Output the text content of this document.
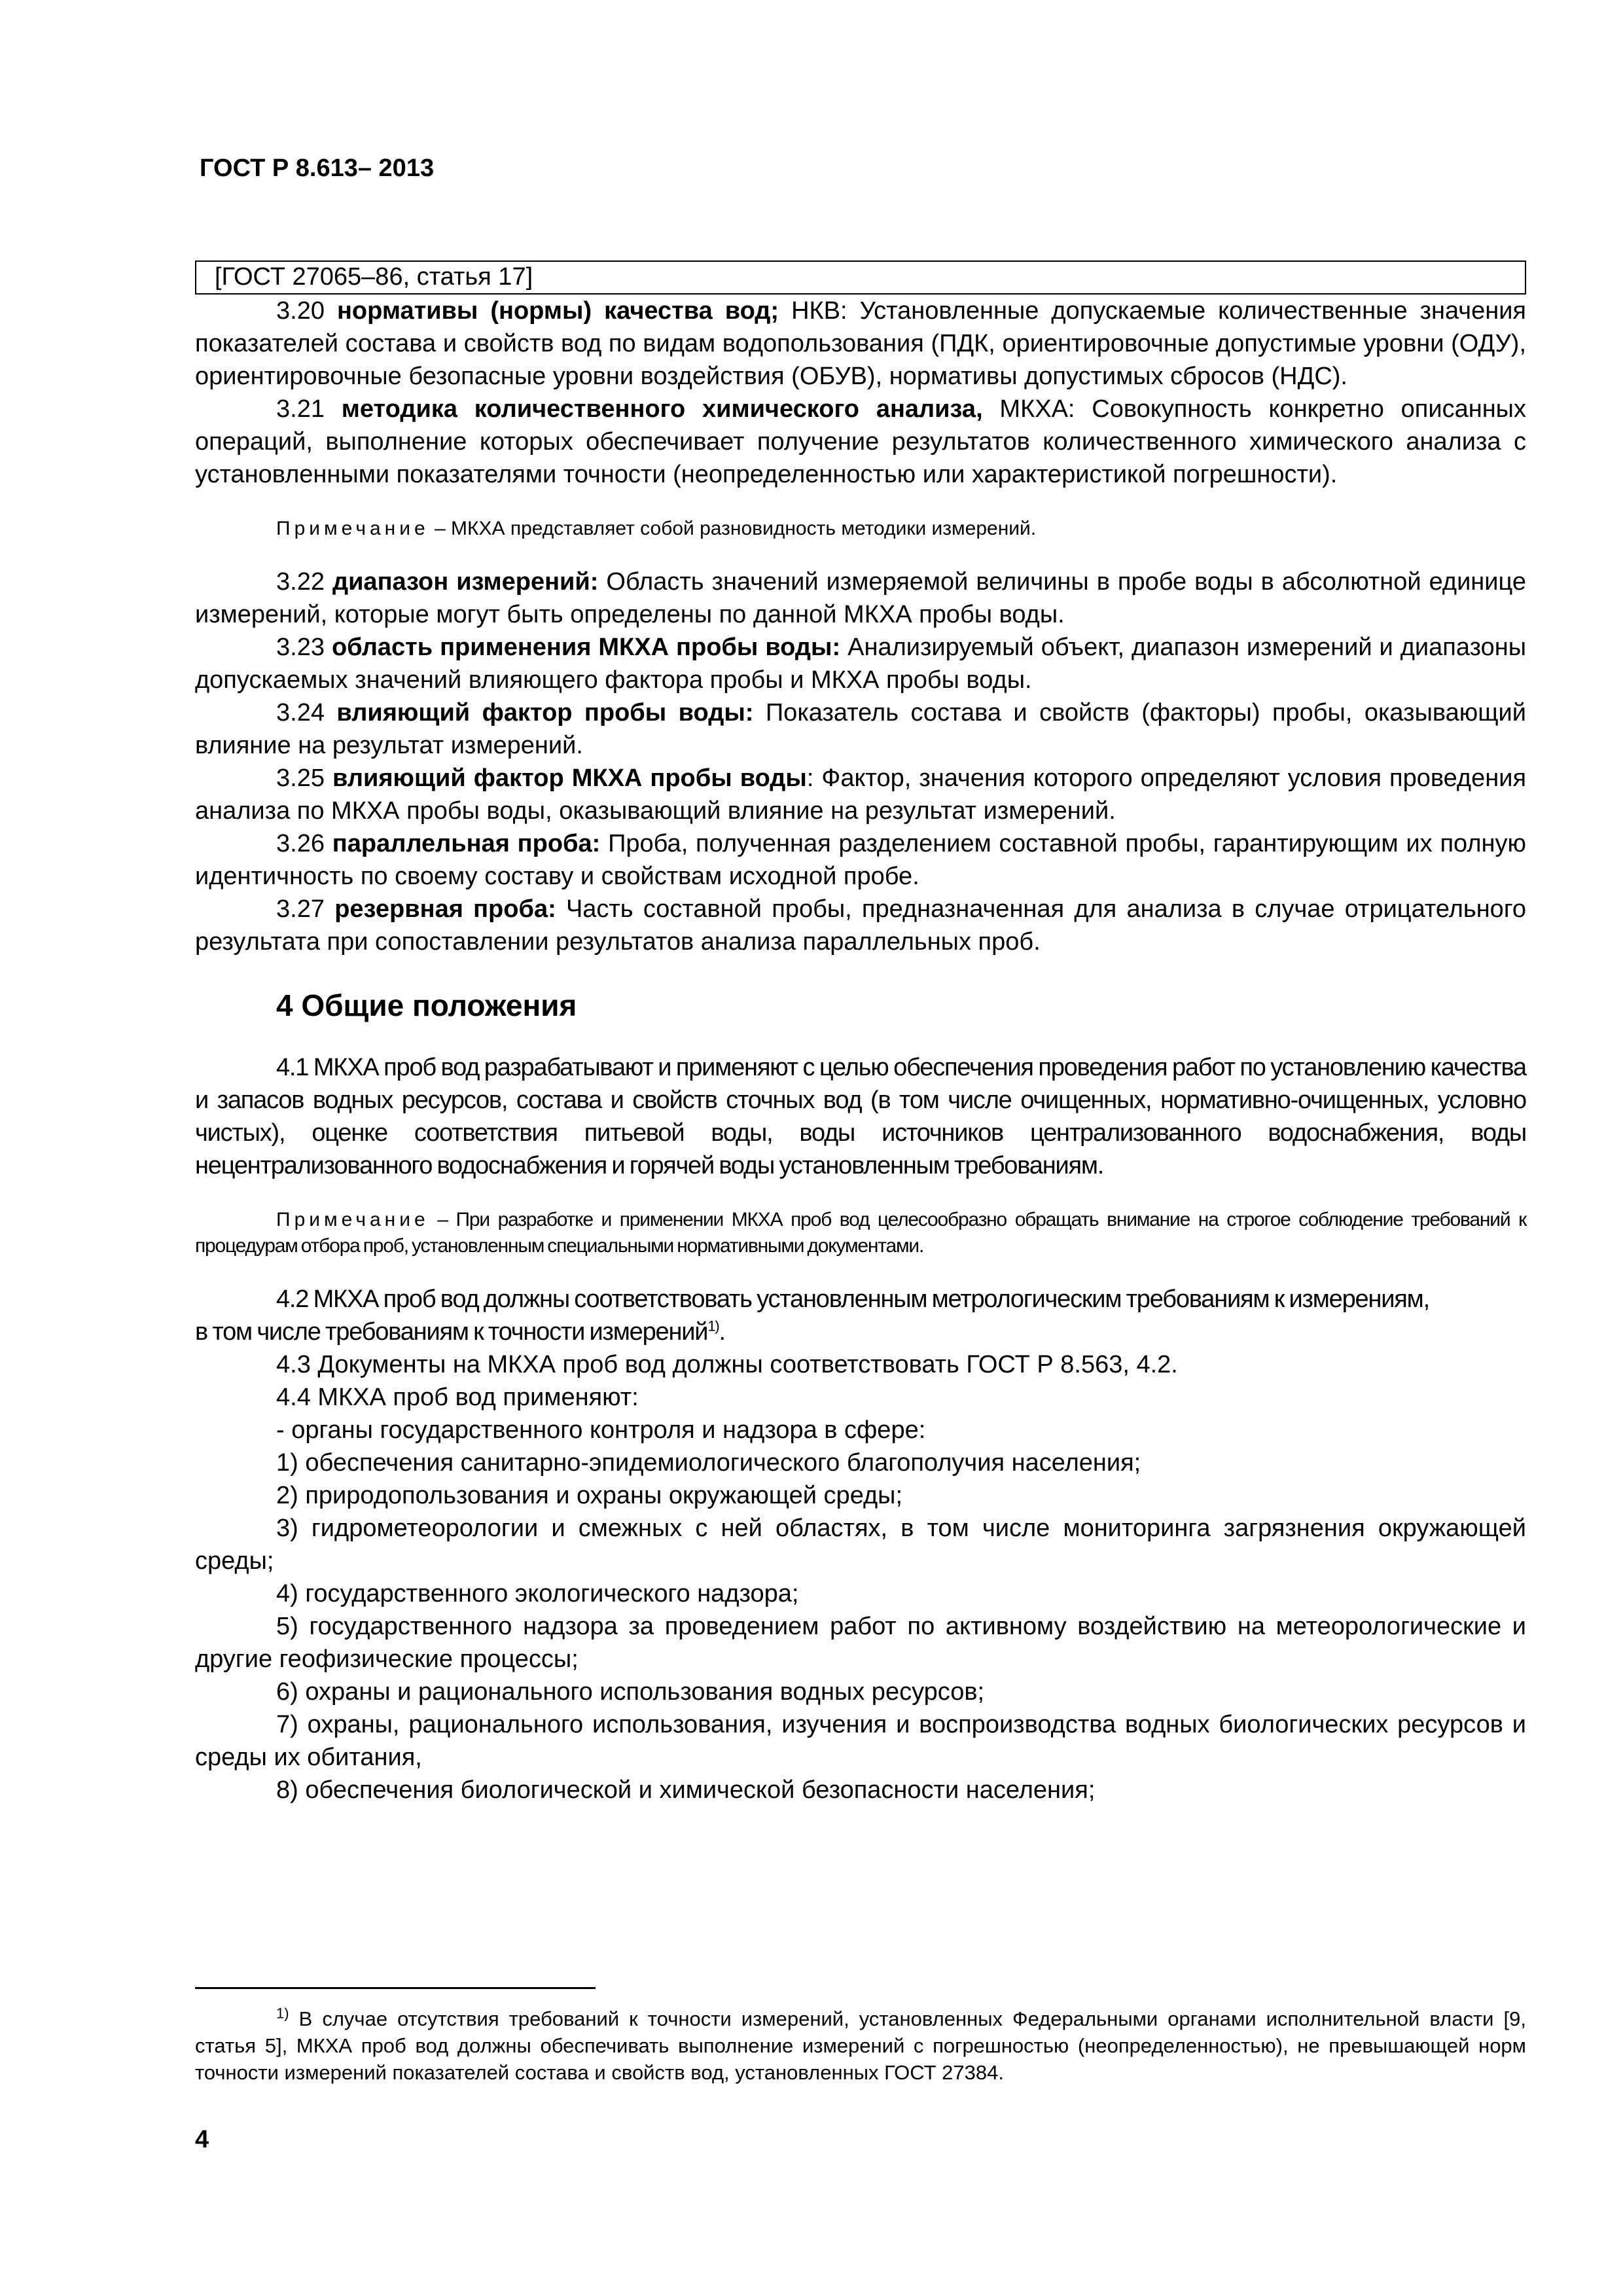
ГОСТ Р 8.613– 2013
[ГОСТ 27065–86, статья 17]

3.20 нормативы (нормы) качества вод; НКВ: Установленные допускаемые количественные значения показателей состава и свойств вод по видам водопользования (ПДК, ориентировочные допустимые уровни (ОДУ), ориентировочные безопасные уровни воздействия (ОБУВ), нормативы допустимых сбросов (НДС).

3.21 методика количественного химического анализа, МКХА: Совокупность конкретно описанных операций, выполнение которых обеспечивает получение результатов количественного химического анализа с установленными показателями точности (неопределенностью или характеристикой погрешности).

Примечание – МКХА представляет собой разновидность методики измерений.

3.22 диапазон измерений: Область значений измеряемой величины в пробе воды в абсолютной единице измерений, которые могут быть определены по данной МКХА пробы воды.

3.23 область применения МКХА пробы воды: Анализируемый объект, диапазон измерений и диапазоны допускаемых значений влияющего фактора пробы и МКХА пробы воды.

3.24 влияющий фактор пробы воды: Показатель состава и свойств (факторы) пробы, оказывающий влияние на результат измерений.

3.25 влияющий фактор МКХА пробы воды: Фактор, значения которого определяют условия проведения анализа по МКХА пробы воды, оказывающий влияние на результат измерений.

3.26 параллельная проба: Проба, полученная разделением составной пробы, гарантирующим их полную идентичность по своему составу и свойствам исходной пробе.

3.27 резервная проба: Часть составной пробы, предназначенная для анализа в случае отрицательного результата при сопоставлении результатов анализа параллельных проб.

4 Общие положения

4.1 МКХА проб вод разрабатывают и применяют с целью обеспечения проведения работ по установлению качества и запасов водных ресурсов, состава и свойств сточных вод (в том числе очищенных, нормативно-очищенных, условно чистых), оценке соответствия питьевой воды, воды источников централизованного водоснабжения, воды нецентрализованного водоснабжения и горячей воды установленным требованиям.

Примечание – При разработке и применении МКХА проб вод целесообразно обращать внимание на строгое соблюдение требований к процедурам отбора проб, установленным специальными нормативными документами.

4.2 МКХА проб вод должны соответствовать установленным метрологическим требованиям к измерениям,

в том числе требованиям к точности измерений$^{1)}$.

4.3 Документы на МКХА проб вод должны соответствовать ГОСТ Р 8.563, 4.2.

4.4 МКХА проб вод применяют:

- органы государственного контроля и надзора в сфере:

1) обеспечения санитарно-эпидемиологического благополучия населения;

2) природопользования и охраны окружающей среды;

3) гидрометеорологии и смежных с ней областях, в том числе мониторинга загрязнения окружающей среды;

4) государственного экологического надзора;

5) государственного надзора за проведением работ по активному воздействию на метеорологические и другие геофизические процессы;

6) охраны и рационального использования водных ресурсов;

7) охраны, рационального использования, изучения и воспроизводства водных биологических ресурсов и среды их обитания,

8) обеспечения биологической и химической безопасности населения;

$^{1)}$ В случае отсутствия требований к точности измерений, установленных Федеральными органами исполнительной власти [9, статья 5], МКХА проб вод должны обеспечивать выполнение измерений с погрешностью (неопределенностью), не превышающей норм точности измерений показателей состава и свойств вод, установленных ГОСТ 27384.
4
